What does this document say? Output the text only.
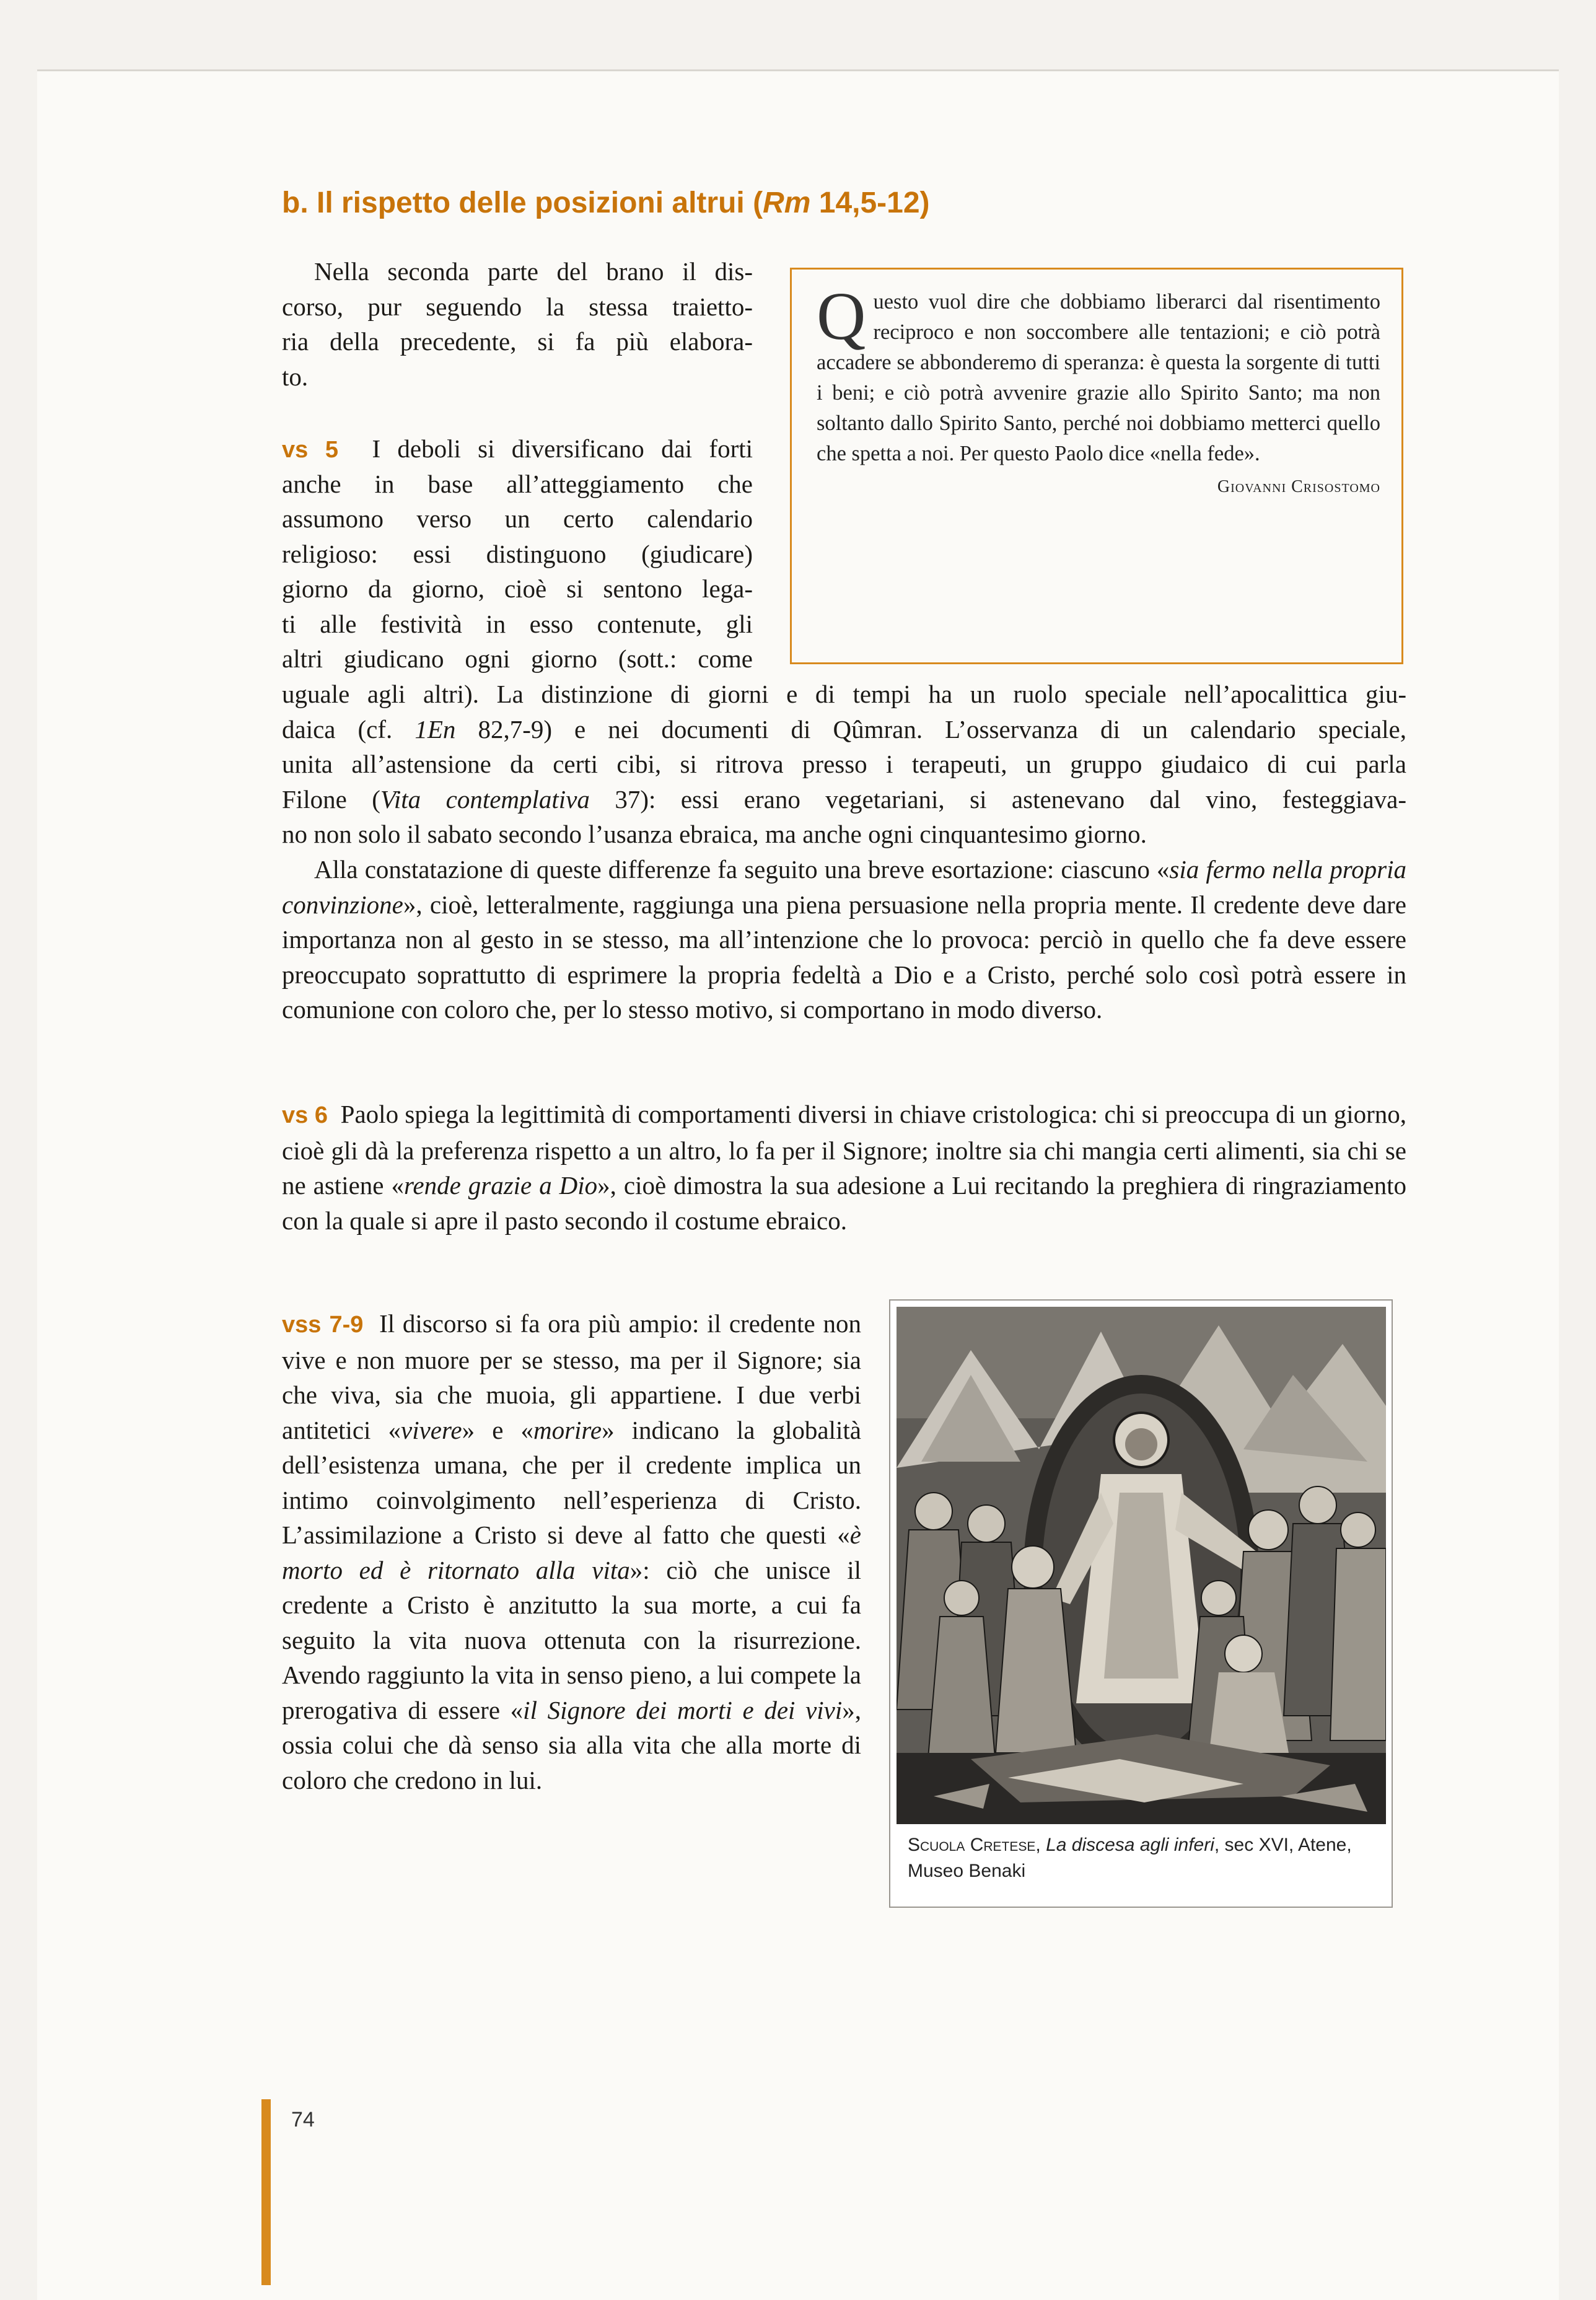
b. Il rispetto delle posizioni altrui (Rm 14,5-12)
Nella seconda parte del brano il dis-
corso, pur seguendo la stessa traietto-
ria della precedente, si fa più elabora-
to.
vs 5 I deboli si diversificano dai forti
anche in base all’atteggiamento che
assumono verso un certo calendario
religioso: essi distinguono (giudicare)
giorno da giorno, cioè si sentono lega-
ti alle festività in esso contenute, gli
altri giudicano ogni giorno (sott.: come
uguale agli altri). La distinzione di giorni e di tempi ha un ruolo speciale nell’apocalittica giu-
daica (cf. 1En 82,7-9) e nei documenti di Qûmran. L’osservanza di un calendario speciale,
unita all’astensione da certi cibi, si ritrova presso i terapeuti, un gruppo giudaico di cui parla
Filone (Vita contemplativa 37): essi erano vegetariani, si astenevano dal vino, festeggiava-
no non solo il sabato secondo l’usanza ebraica, ma anche ogni cinquantesimo giorno.

Alla constatazione di queste differenze fa seguito una breve esortazione: ciascuno «sia fermo nella propria convinzione», cioè, letteralmente, raggiunga una piena persuasione nella propria mente. Il credente deve dare importanza non al gesto in se stesso, ma all’intenzione che lo provoca: perciò in quello che fa deve essere preoccupato soprattutto di esprimere la propria fedeltà a Dio e a Cristo, perché solo così potrà essere in comunione con coloro che, per lo stesso motivo, si comportano in modo diverso.

vs 6 Paolo spiega la legittimità di comportamenti diversi in chiave cristologica: chi si preoccupa di un giorno, cioè gli dà la preferenza rispetto a un altro, lo fa per il Signore; inoltre sia chi mangia certi alimenti, sia chi se ne astiene «rende grazie a Dio», cioè dimostra la sua adesione a Lui recitando la preghiera di ringraziamento con la quale si apre il pasto secondo il costume ebraico.

vss 7-9 Il discorso si fa ora più ampio: il credente non vive e non muore per se stesso, ma per il Signore; sia che viva, sia che muoia, gli appartiene. I due verbi antitetici «vivere» e «morire» indicano la globalità dell’esistenza umana, che per il credente implica un intimo coinvolgimento nell’esperienza di Cristo. L’assimilazione a Cristo si deve al fatto che questi «è morto ed è ritornato alla vita»: ciò che unisce il credente a Cristo è anzitutto la sua morte, a cui fa seguito la vita nuova ottenuta con la risurrezione. Avendo raggiunto la vita in senso pieno, a lui compete la prerogativa di essere «il Signore dei morti e dei vivi», ossia colui che dà senso sia alla vita che alla morte di coloro che credono in lui.

Q uesto vuol dire che dobbiamo liberarci dal risentimento reciproco e non soccombere alle tentazioni; e ciò potrà accadere se abbonderemo di speranza: è questa la sorgente di tutti i beni; e ciò potrà avvenire grazie allo Spirito Santo; ma non soltanto dallo Spirito Santo, perché noi dobbiamo metterci quello che spetta a noi. Per questo Paolo dice «nella fede».
Giovanni Crisostomo
Scuola Cretese, La discesa agli inferi, sec XVI, Atene, Museo Benaki
74
